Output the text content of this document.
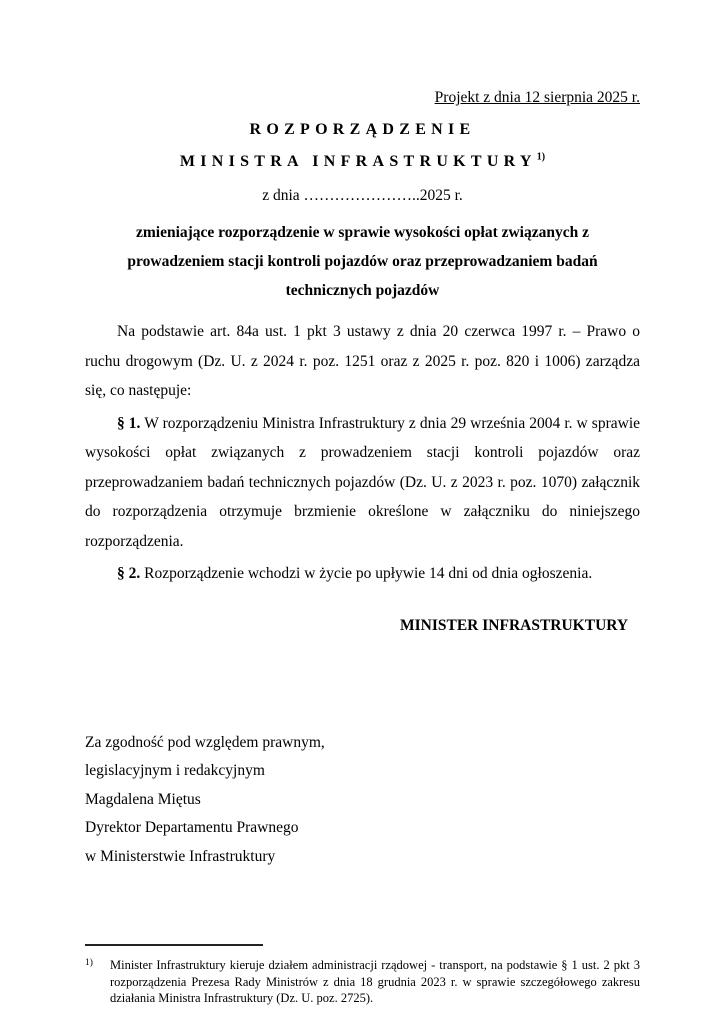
Projekt z dnia 12 sierpnia 2025 r.
ROZPORZĄDZENIE
MINISTRA INFRASTRUKTURY$^{1)}$
z dnia …………………..2025 r.
zmieniające rozporządzenie w sprawie wysokości opłat związanych z prowadzeniem stacji kontroli pojazdów oraz przeprowadzaniem badań technicznych pojazdów

Na podstawie art. 84a ust. 1 pkt 3 ustawy z dnia 20 czerwca 1997 r. – Prawo o ruchu drogowym (Dz. U. z 2024 r. poz. 1251 oraz z 2025 r. poz. 820 i 1006) zarządza się, co następuje:

§ 1. W rozporządzeniu Ministra Infrastruktury z dnia 29 września 2004 r. w sprawie wysokości opłat związanych z prowadzeniem stacji kontroli pojazdów oraz przeprowadzaniem badań technicznych pojazdów (Dz. U. z 2023 r. poz. 1070) załącznik do rozporządzenia otrzymuje brzmienie określone w załączniku do niniejszego rozporządzenia.

§ 2. Rozporządzenie wchodzi w życie po upływie 14 dni od dnia ogłoszenia.

MINISTER INFRASTRUKTURY
Za zgodność pod względem prawnym,
legislacyjnym i redakcyjnym
Magdalena Miętus
Dyrektor Departamentu Prawnego
w Ministerstwie Infrastruktury
1)	Minister Infrastruktury kieruje działem administracji rządowej - transport, na podstawie § 1 ust. 2 pkt 3 rozporządzenia Prezesa Rady Ministrów z dnia 18 grudnia 2023 r. w sprawie szczegółowego zakresu działania Ministra Infrastruktury (Dz. U. poz. 2725).
